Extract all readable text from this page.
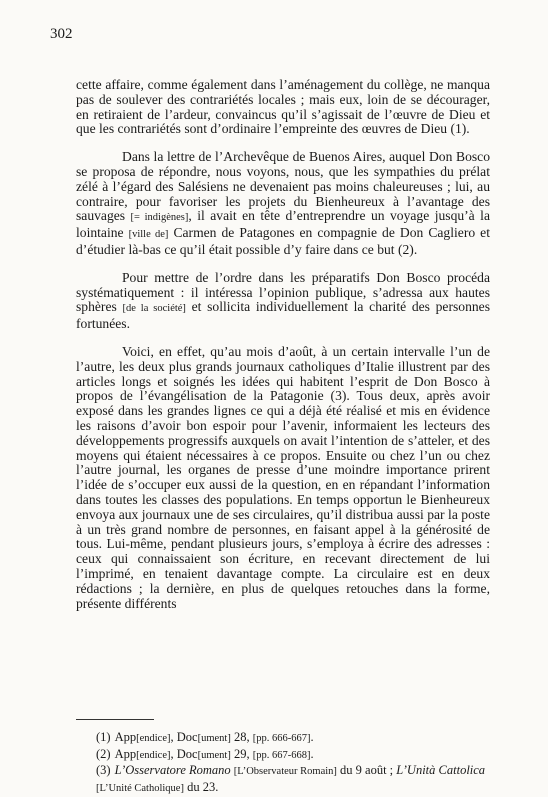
302

cette affaire, comme également dans l’aménagement du collège, ne manqua pas de soulever des contrariétés locales ; mais eux, loin de se décourager, en retiraient de l’ardeur, convaincus qu’il s’agissait de l’œuvre de Dieu et que les contrariétés sont d’ordinaire l’empreinte des œuvres de Dieu (1).

Dans la lettre de l’Archevêque de Buenos Aires, auquel Don Bosco se proposa de répondre, nous voyons, nous, que les sympathies du prélat zélé à l’égard des Salésiens ne devenaient pas moins chaleureuses ; lui, au contraire, pour favoriser les projets du Bienheureux à l’avantage des sauvages [= indigènes], il avait en tête d’entreprendre un voyage jusqu’à la lointaine [ville de] Carmen de Patagones en compagnie de Don Cagliero et d’étudier là-bas ce qu’il était possible d’y faire dans ce but (2).

Pour mettre de l’ordre dans les préparatifs Don Bosco procéda systématiquement : il intéressa l’opinion publique, s’adressa aux hautes sphères [de la société] et sollicita individuellement la charité des personnes fortunées.

Voici, en effet, qu’au mois d’août, à un certain intervalle l’un de l’autre, les deux plus grands journaux catholiques d’Italie illustrent par des articles longs et soignés les idées qui habitent l’esprit de Don Bosco à propos de l’évangélisation de la Patagonie (3). Tous deux, après avoir exposé dans les grandes lignes ce qui a déjà été réalisé et mis en évidence les raisons d’avoir bon espoir pour l’avenir, informaient les lecteurs des développements progressifs auxquels on avait l’intention de s’atteler, et des moyens qui étaient nécessaires à ce propos. Ensuite ou chez l’un ou chez l’autre journal, les organes de presse d’une moindre importance prirent l’idée de s’occuper eux aussi de la question, en en répandant l’information dans toutes les classes des populations. En temps opportun le Bienheureux envoya aux journaux une de ses circulaires, qu’il distribua aussi par la poste à un très grand nombre de personnes, en faisant appel à la générosité de tous. Lui-même, pendant plusieurs jours, s’employa à écrire des adresses : ceux qui connaissaient son écriture, en recevant directement de lui l’imprimé, en tenaient davantage compte. La circulaire est en deux rédactions ; la dernière, en plus de quelques retouches dans la forme, présente différents

(1) App[endice], Doc[ument] 28, [pp. 666-667].

(2) App[endice], Doc[ument] 29, [pp. 667-668].

(3) L’Osservatore Romano [L’Observateur Romain] du 9 août ; L’Unità Cattolica [L’Unité Catholique] du 23.
